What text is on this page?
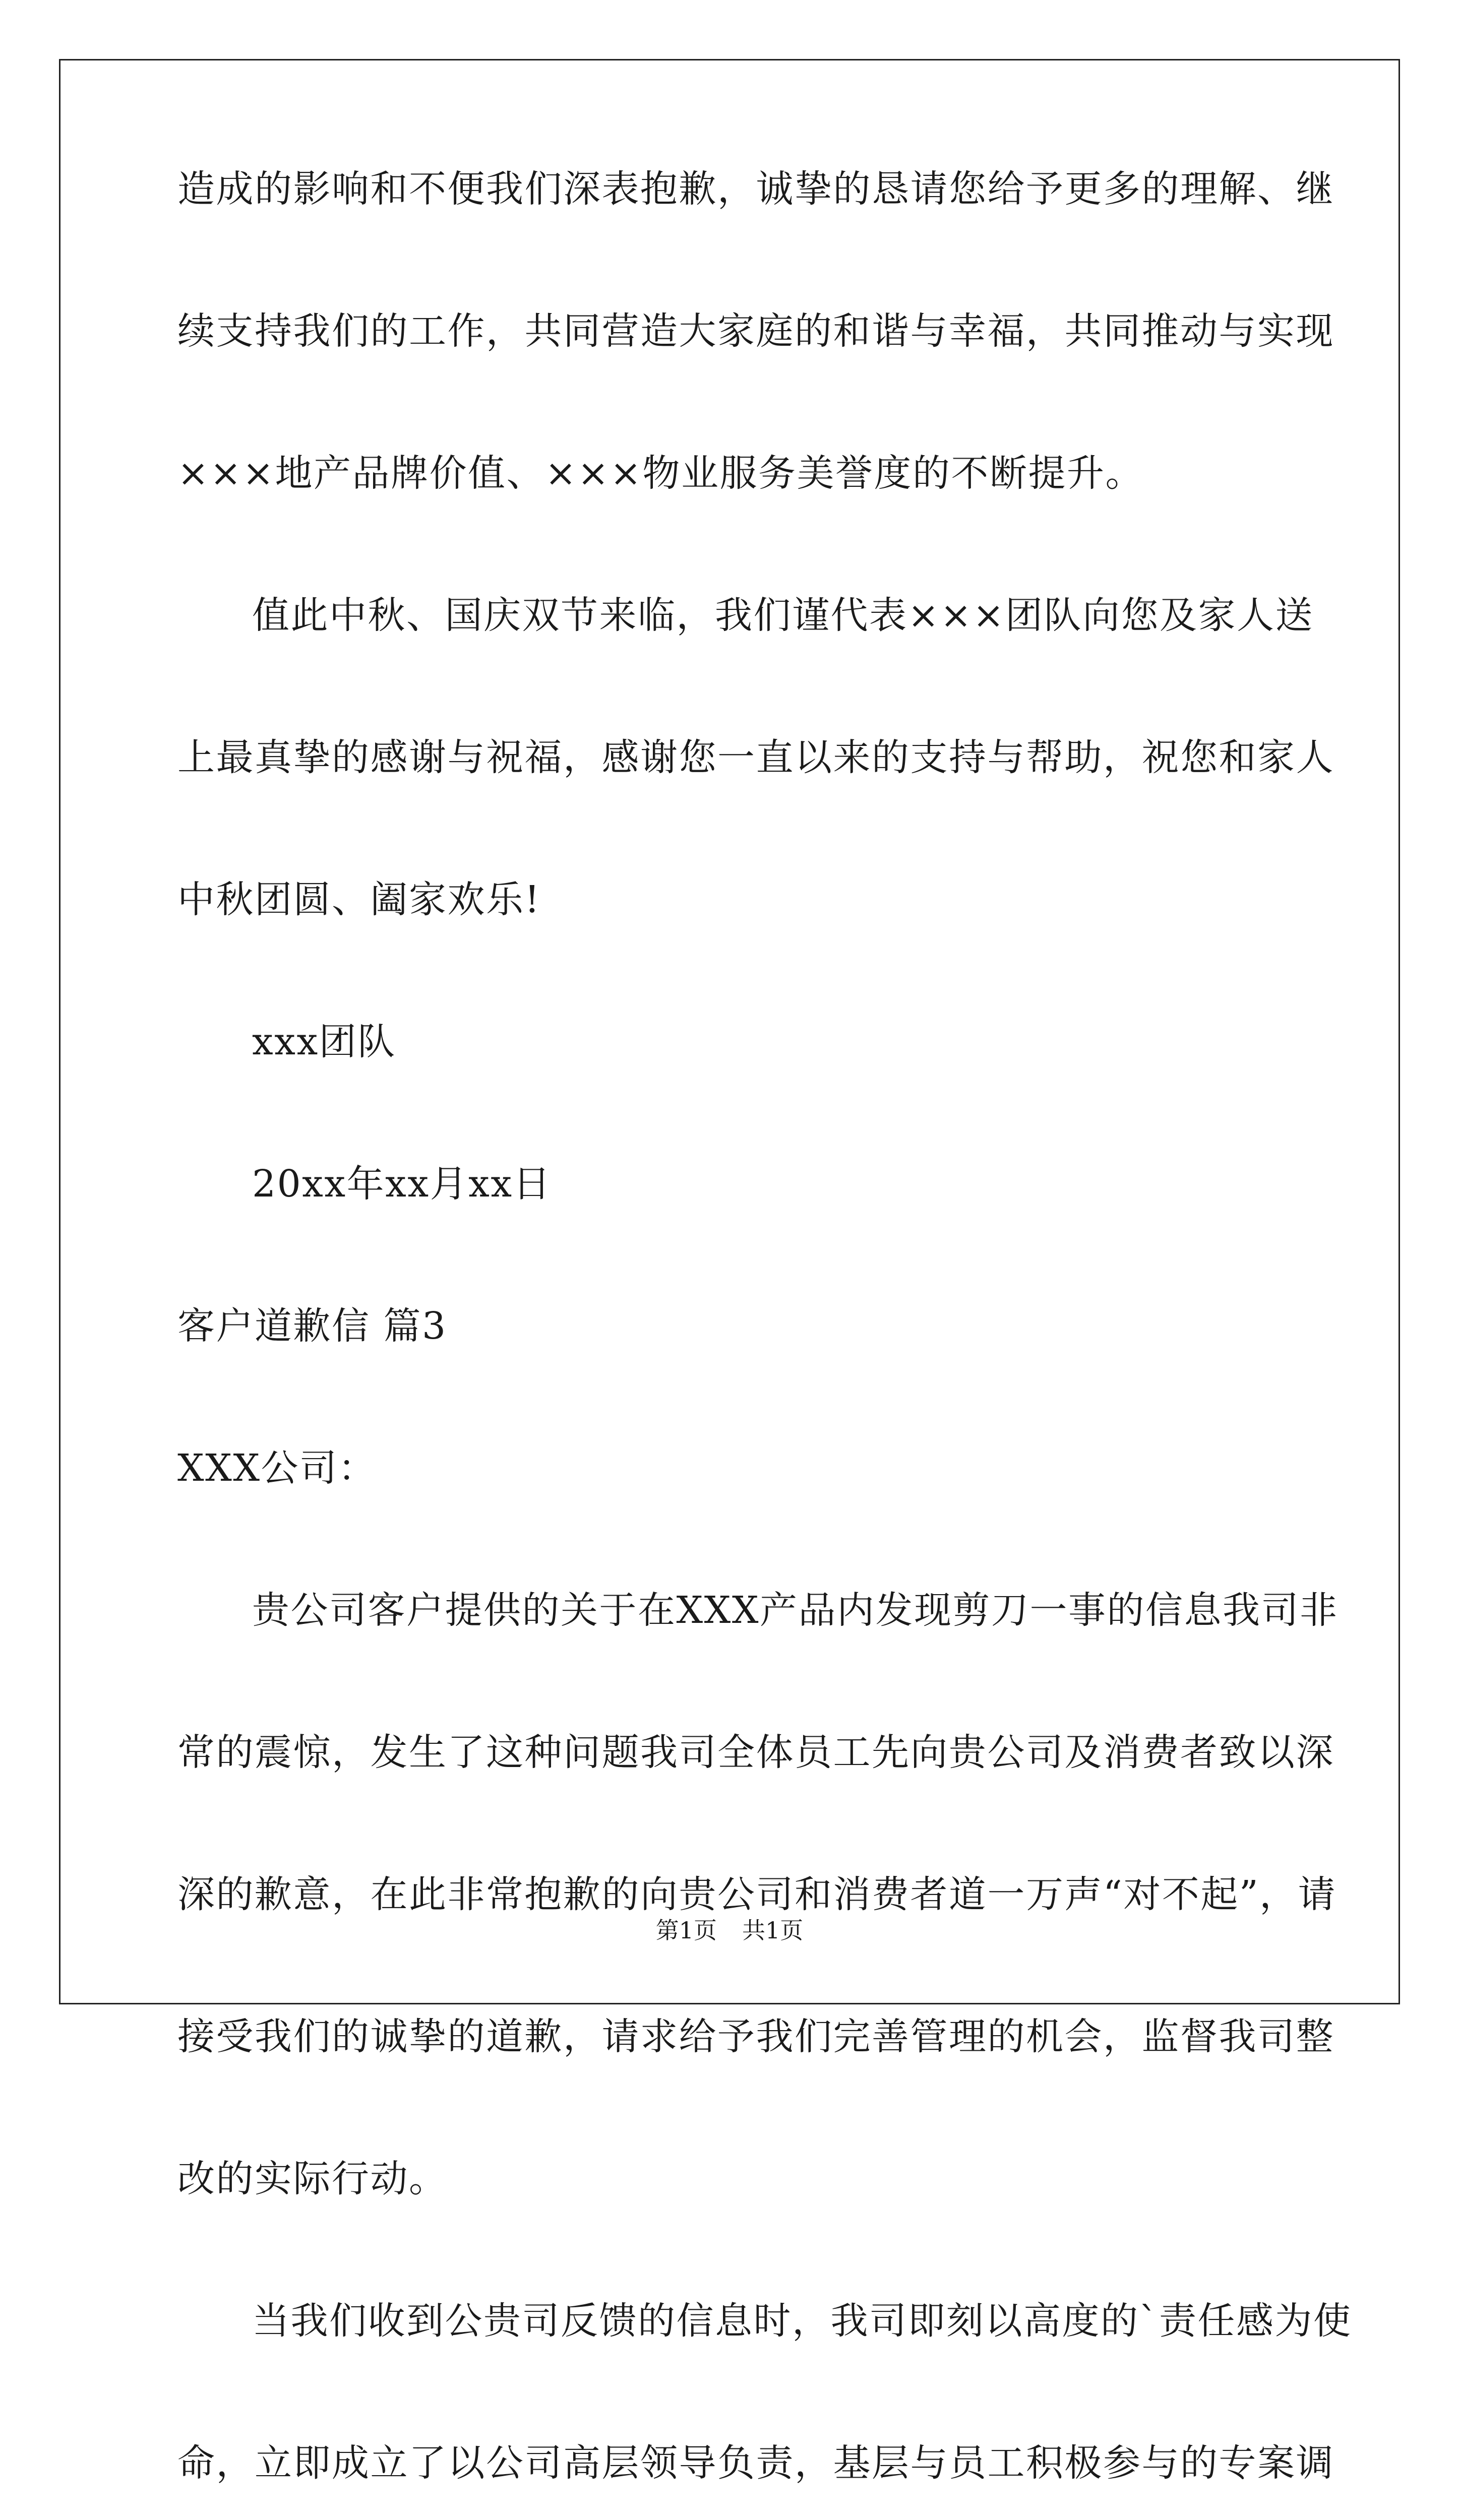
造成的影响和不便我们深表抱歉，诚挚的恳请您给予更多的理解、继
续支持我们的工作，共同营造大家庭的和谐与幸福，共同推动与实现
×××地产品牌价值、×××物业服务美誉度的不断提升。
值此中秋、国庆双节来临，我们谨代表×××团队向您及家人送
上最真挚的感谢与祝福，感谢您一直以来的支持与帮助，祝您和家人
中秋团圆、阖家欢乐!
xxx团队
20xx年xx月xx日
客户道歉信 篇3
XXX公司：
贵公司客户提供的关于在XXX产品内发现剪刀一事的信息我司非
常的震惊，发生了这种问题我司全体员工先向贵公司及消费者致以深
深的歉意，在此非常抱歉的向贵公司和消费者道一万声“对不起”，请
接受我们的诚挚的道歉，请求给予我们完善管理的机会，监督我司整
改的实际行动。
当我们收到公贵司反馈的信息时，我司即刻以高度的`责任感为使
命，立即成立了以公司高层领导负责，基层与员工积极参与的专案调
第1页 共1页
